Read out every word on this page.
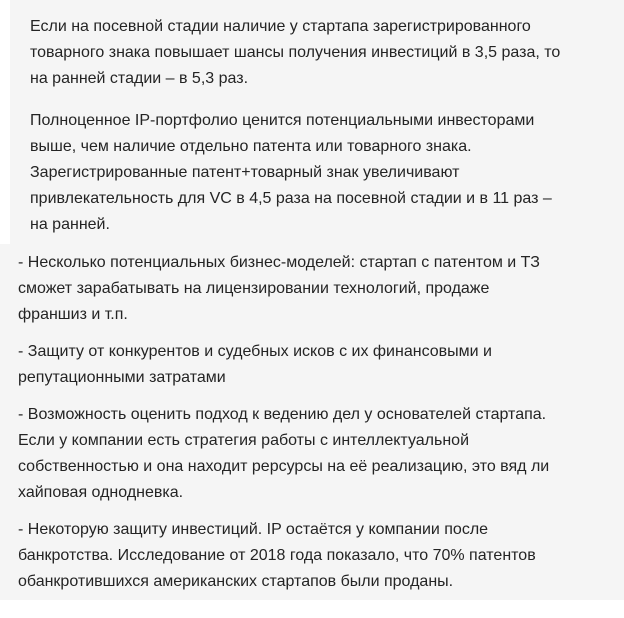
Если на посевной стадии наличие у стартапа зарегистрированного
товарного знака повышает шансы получения инвестиций в 3,5 раза, то
на ранней стадии – в 5,3 раз.

Полноценное IP-портфолио ценится потенциальными инвесторами
выше, чем наличие отдельно патента или товарного знака.
Зарегистрированные патент+товарный знак увеличивают
привлекательность для VC в 4,5 раза на посевной стадии и в 11 раз –
на ранней.

- Несколько потенциальных бизнес-моделей: стартап с патентом и ТЗ
сможет зарабатывать на лицензировании технологий, продаже
франшиз и т.п.

- Защиту от конкурентов и судебных исков с их финансовыми и
репутационными затратами

- Возможность оценить подход к ведению дел у основателей стартапа.
Если у компании есть стратегия работы с интеллектуальной
собственностью и она находит рерсурсы на её реализацию, это вяд ли
хайповая однодневка.

- Некоторую защиту инвестиций. IP остаётся у компании после
банкротства. Исследование от 2018 года показало, что 70% патентов
обанкротившихся американских стартапов были проданы.
